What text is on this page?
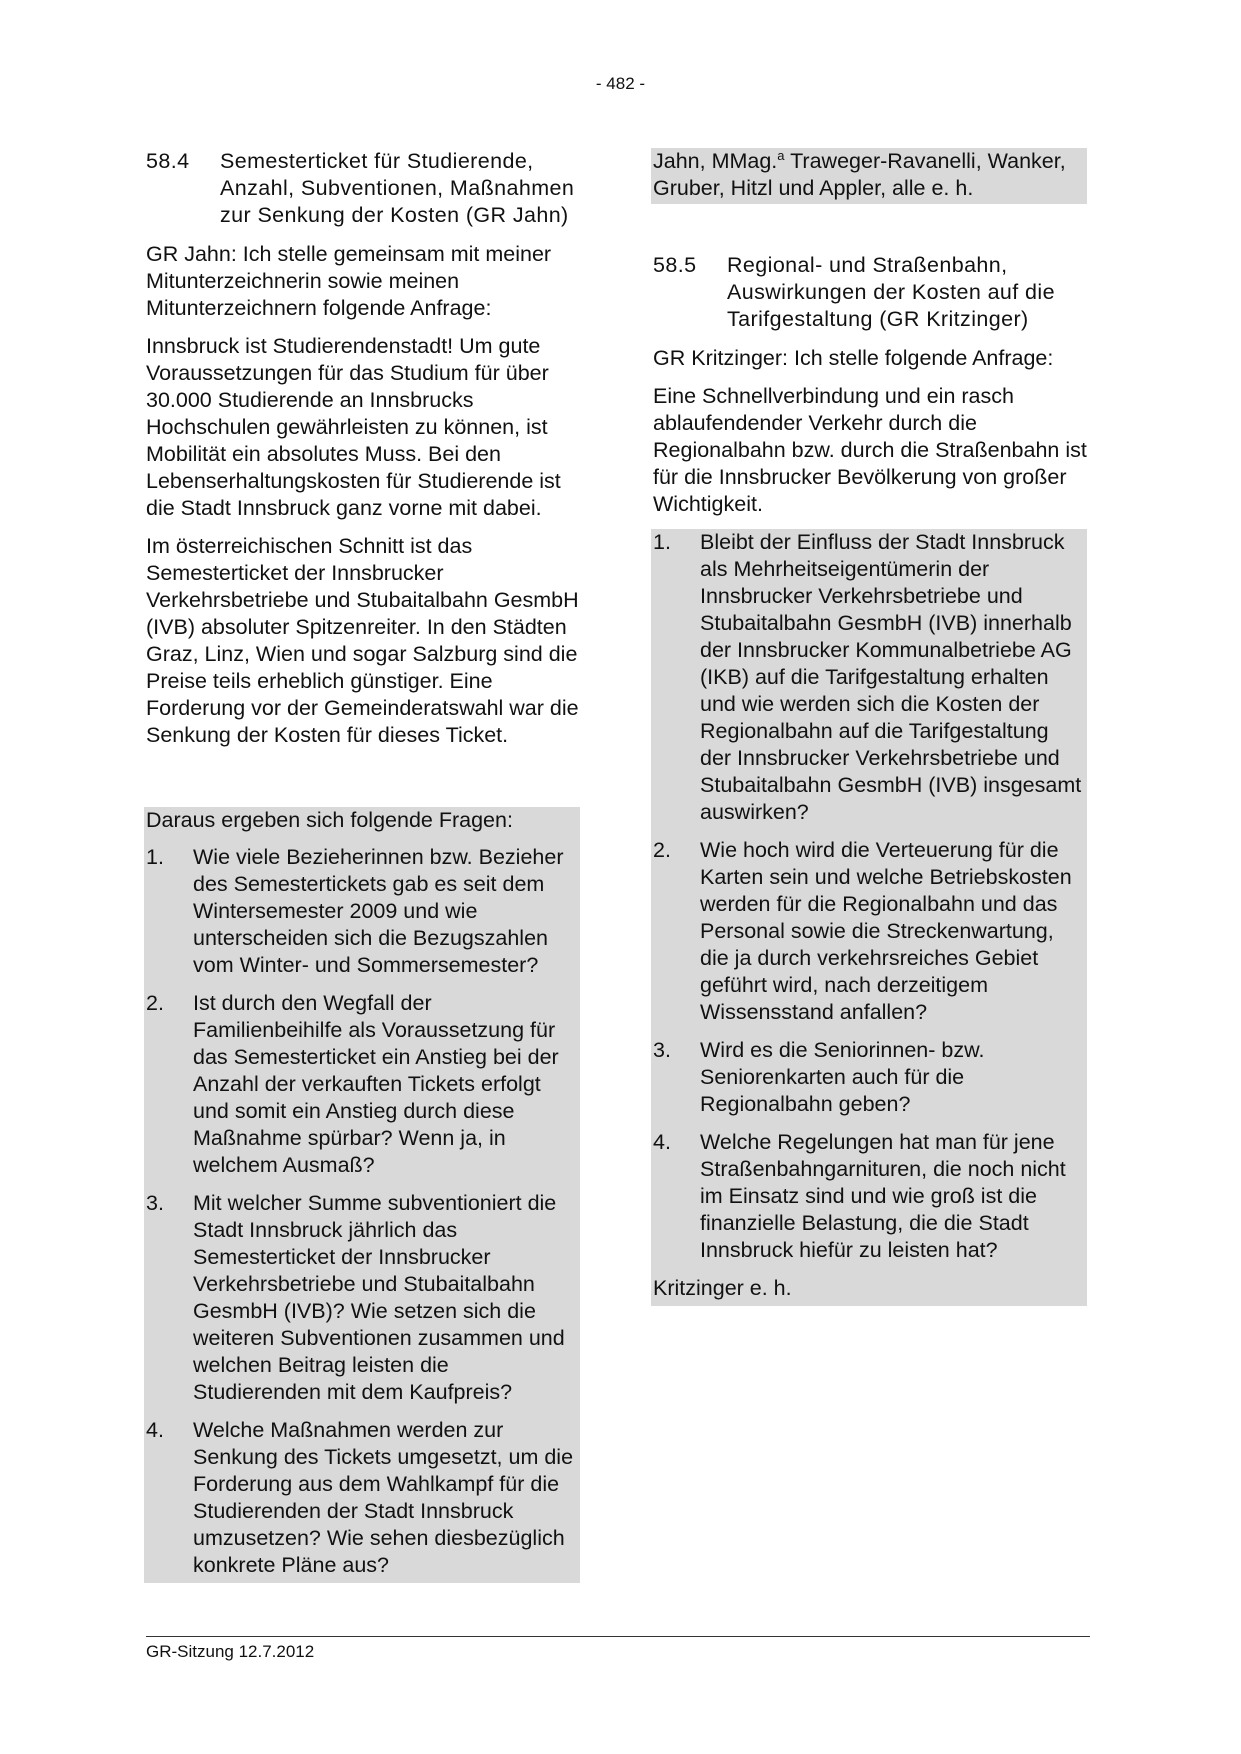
- 482 -
58.4	Semesterticket für Studierende, Anzahl, Subventionen, Maßnahmen zur Senkung der Kosten (GR Jahn)

GR Jahn: Ich stelle gemeinsam mit meiner Mitunterzeichnerin sowie meinen Mitunterzeichnern folgende Anfrage:

Innsbruck ist Studierendenstadt! Um gute Voraussetzungen für das Studium für über 30.000 Studierende an Innsbrucks Hochschulen gewährleisten zu können, ist Mobilität ein absolutes Muss. Bei den Lebenserhaltungskosten für Studierende ist die Stadt Innsbruck ganz vorne mit dabei.

Im österreichischen Schnitt ist das Semesterticket der Innsbrucker Verkehrsbetriebe und Stubaitalbahn GesmbH (IVB) absoluter Spitzenreiter. In den Städten Graz, Linz, Wien und sogar Salzburg sind die Preise teils erheblich günstiger. Eine Forderung vor der Gemeinderatswahl war die Senkung der Kosten für dieses Ticket.

Daraus ergeben sich folgende Fragen:

1.	Wie viele Bezieherinnen bzw. Bezieher des Semestertickets gab es seit dem Wintersemester 2009 und wie unterscheiden sich die Bezugszahlen vom Winter- und Sommersemester?
2.	Ist durch den Wegfall der Familienbeihilfe als Voraussetzung für das Semesterticket ein Anstieg bei der Anzahl der verkauften Tickets erfolgt und somit ein Anstieg durch diese Maßnahme spürbar? Wenn ja, in welchem Ausmaß?
3.	Mit welcher Summe subventioniert die Stadt Innsbruck jährlich das Semesterticket der Innsbrucker Verkehrsbetriebe und Stubaitalbahn GesmbH (IVB)? Wie setzen sich die weiteren Subventionen zusammen und welchen Beitrag leisten die Studierenden mit dem Kaufpreis?
4.	Welche Maßnahmen werden zur Senkung des Tickets umgesetzt, um die Forderung aus dem Wahlkampf für die Studierenden der Stadt Innsbruck umzusetzen? Wie sehen diesbezüglich konkrete Pläne aus?
Jahn, MMag.$^a$ Traweger-Ravanelli, Wanker, Gruber, Hitzl und Appler, alle e. h.
58.5	Regional- und Straßenbahn, Auswirkungen der Kosten auf die Tarifgestaltung (GR Kritzinger)

GR Kritzinger: Ich stelle folgende Anfrage:

Eine Schnellverbindung und ein rasch ablaufendender Verkehr durch die Regionalbahn bzw. durch die Straßenbahn ist für die Innsbrucker Bevölkerung von großer Wichtigkeit.

1.	Bleibt der Einfluss der Stadt Innsbruck als Mehrheitseigentümerin der Innsbrucker Verkehrsbetriebe und Stubaitalbahn GesmbH (IVB) innerhalb der Innsbrucker Kommunalbetriebe AG (IKB) auf die Tarifgestaltung erhalten und wie werden sich die Kosten der Regionalbahn auf die Tarifgestaltung der Innsbrucker Verkehrsbetriebe und Stubaitalbahn GesmbH (IVB) insgesamt auswirken?
2.	Wie hoch wird die Verteuerung für die Karten sein und welche Betriebskosten werden für die Regionalbahn und das Personal sowie die Streckenwartung, die ja durch verkehrsreiches Gebiet geführt wird, nach derzeitigem Wissensstand anfallen?
3.	Wird es die Seniorinnen- bzw. Seniorenkarten auch für die Regionalbahn geben?
4.	Welche Regelungen hat man für jene Straßenbahngarnituren, die noch nicht im Einsatz sind und wie groß ist die finanzielle Belastung, die die Stadt Innsbruck hiefür zu leisten hat?

Kritzinger e. h.

GR-Sitzung 12.7.2012
